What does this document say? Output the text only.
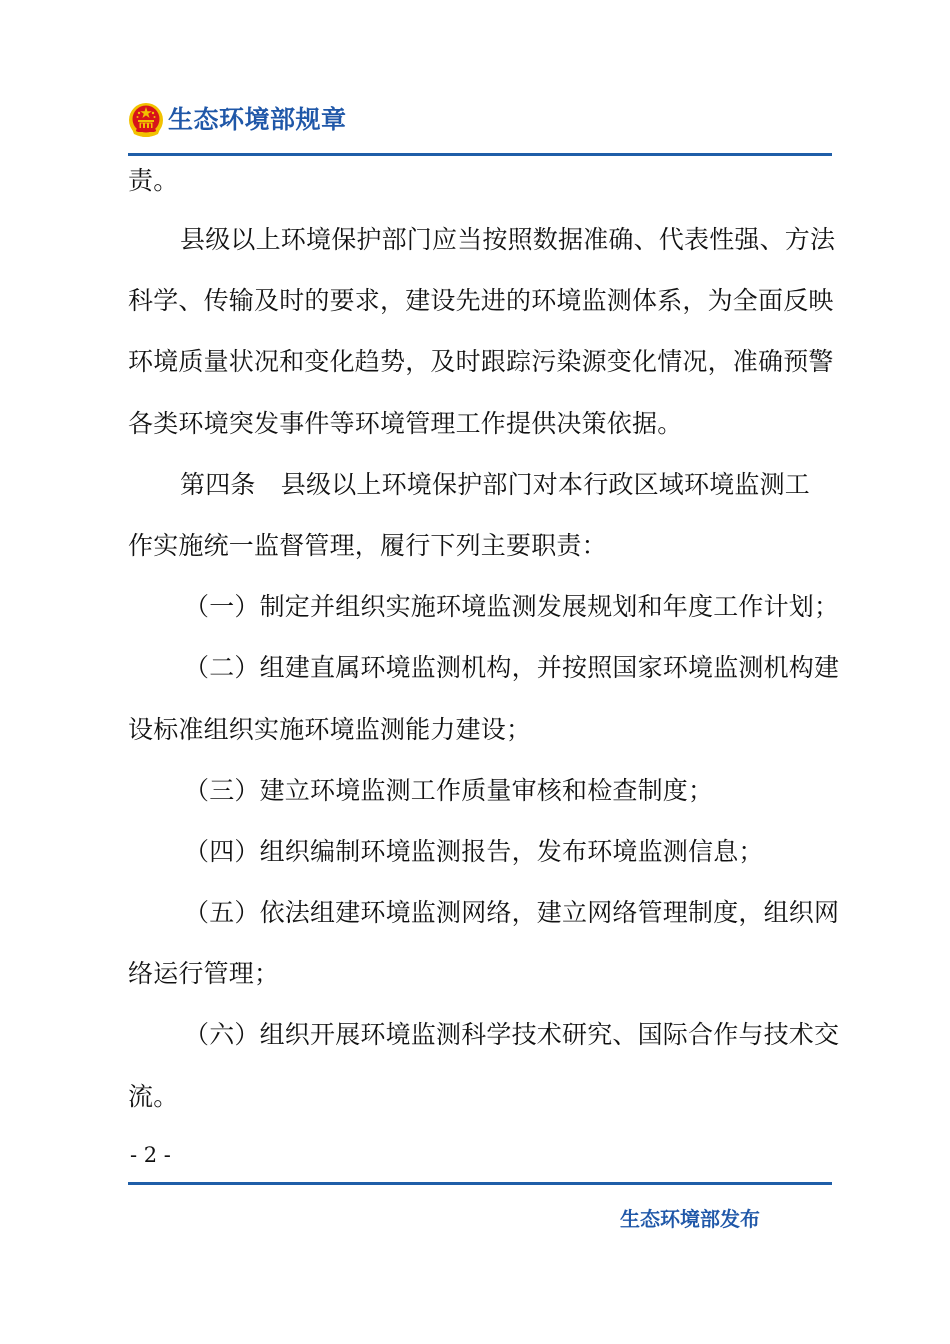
生态环境部规章
责。
县级以上环境保护部门应当按照数据准确、代表性强、方法
科学、传输及时的要求，建设先进的环境监测体系，为全面反映
环境质量状况和变化趋势，及时跟踪污染源变化情况，准确预警
各类环境突发事件等环境管理工作提供决策依据。
第四条　县级以上环境保护部门对本行政区域环境监测工
作实施统一监督管理，履行下列主要职责：
（一）制定并组织实施环境监测发展规划和年度工作计划；
（二）组建直属环境监测机构，并按照国家环境监测机构建
设标准组织实施环境监测能力建设；
（三）建立环境监测工作质量审核和检查制度；
（四）组织编制环境监测报告，发布环境监测信息；
（五）依法组建环境监测网络，建立网络管理制度，组织网
络运行管理；
（六）组织开展环境监测科学技术研究、国际合作与技术交
流。
- 2 -
生态环境部发布
